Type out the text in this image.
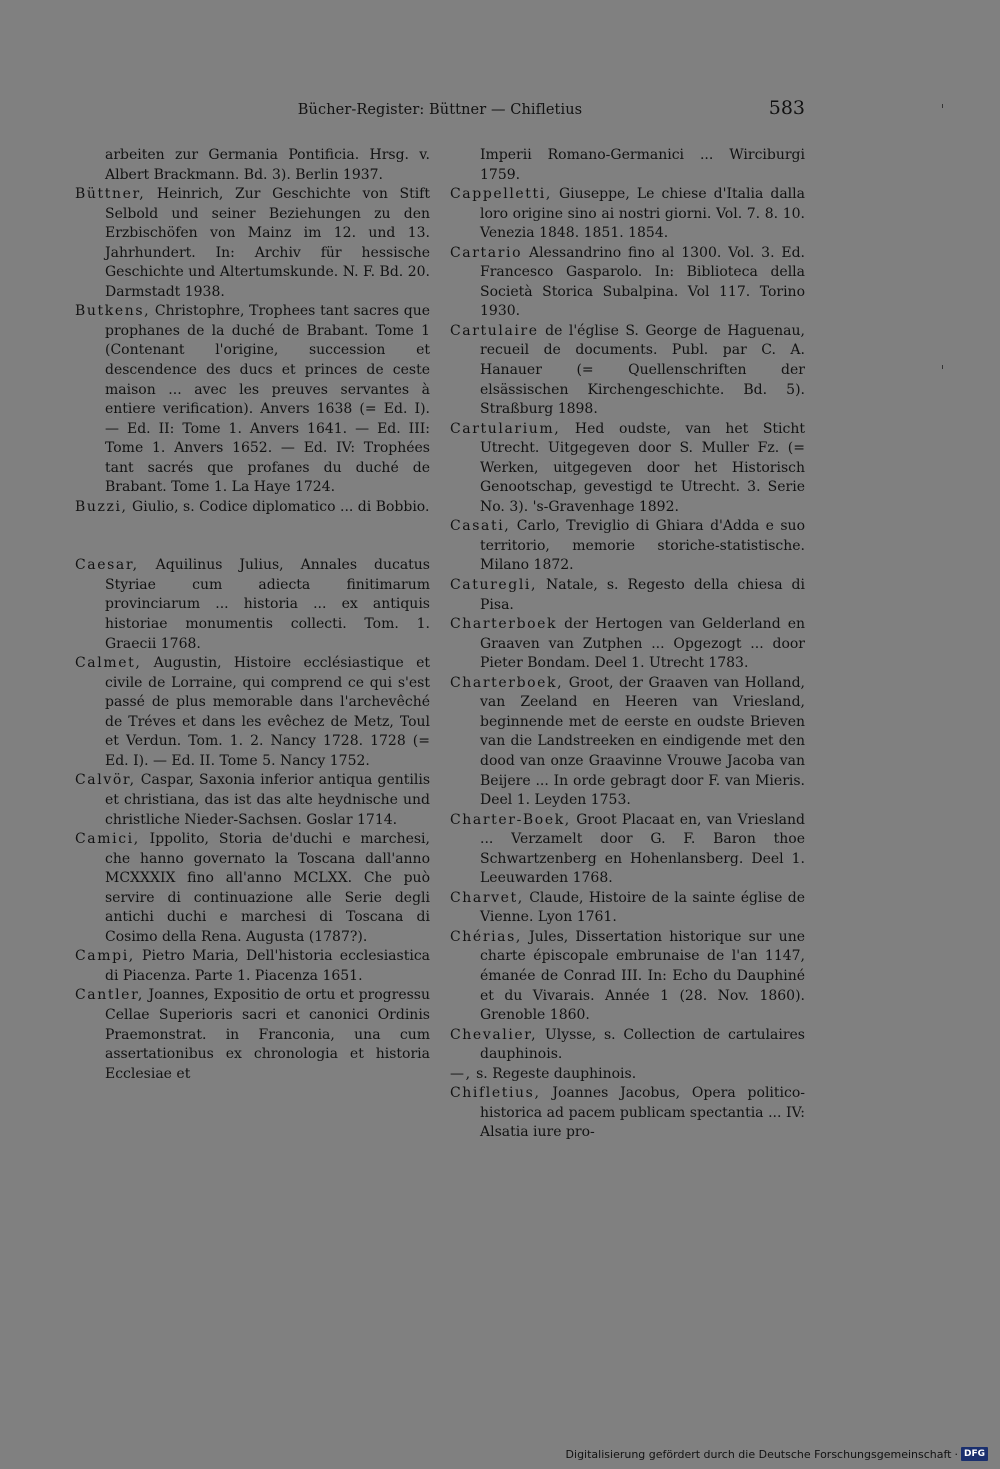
Bücher-Register: Büttner — Chifletius	583

arbeiten zur Germania Pontificia. Hrsg. v. Albert Brackmann. Bd. 3). Berlin 1937.

Büttner, Heinrich, Zur Geschichte von Stift Selbold und seiner Beziehungen zu den Erzbischöfen von Mainz im 12. und 13. Jahrhundert. In: Archiv für hessische Geschichte und Altertumskunde. N. F. Bd. 20. Darmstadt 1938.

Butkens, Christophre, Trophees tant sacres que prophanes de la duché de Brabant. Tome 1 (Contenant l'origine, succession et descendence des ducs et princes de ceste maison ... avec les preuves servantes à entiere verification). Anvers 1638 (= Ed. I). — Ed. II: Tome 1. Anvers 1641. — Ed. III: Tome 1. Anvers 1652. — Ed. IV: Trophées tant sacrés que profanes du duché de Brabant. Tome 1. La Haye 1724.

Buzzi, Giulio, s. Codice diplomatico ... di Bobbio.

Caesar, Aquilinus Julius, Annales ducatus Styriae cum adiecta finitimarum provinciarum ... historia ... ex antiquis historiae monumentis collecti. Tom. 1. Graecii 1768.

Calmet, Augustin, Histoire ecclésiastique et civile de Lorraine, qui comprend ce qui s'est passé de plus memorable dans l'archevêché de Tréves et dans les evêchez de Metz, Toul et Verdun. Tom. 1. 2. Nancy 1728. 1728 (= Ed. I). — Ed. II. Tome 5. Nancy 1752.

Calvör, Caspar, Saxonia inferior antiqua gentilis et christiana, das ist das alte heydnische und christliche Nieder-Sachsen. Goslar 1714.

Camici, Ippolito, Storia de'duchi e marchesi, che hanno governato la Toscana dall'anno MCXXXIX fino all'anno MCLXX. Che può servire di continuazione alle Serie degli antichi duchi e marchesi di Toscana di Cosimo della Rena. Augusta (1787?).

Campi, Pietro Maria, Dell'historia ecclesiastica di Piacenza. Parte 1. Piacenza 1651.

Cantler, Joannes, Expositio de ortu et progressu Cellae Superioris sacri et canonici Ordinis Praemonstrat. in Franconia, una cum assertationibus ex chronologia et historia Ecclesiae et

Imperii Romano-Germanici ... Wirciburgi 1759.

Cappelletti, Giuseppe, Le chiese d'Italia dalla loro origine sino ai nostri giorni. Vol. 7. 8. 10. Venezia 1848. 1851. 1854.

Cartario Alessandrino fino al 1300. Vol. 3. Ed. Francesco Gasparolo. In: Biblioteca della Società Storica Subalpina. Vol 117. Torino 1930.

Cartulaire de l'église S. George de Haguenau, recueil de documents. Publ. par C. A. Hanauer (= Quellenschriften der elsässischen Kirchengeschichte. Bd. 5). Straßburg 1898.

Cartularium, Hed oudste, van het Sticht Utrecht. Uitgegeven door S. Muller Fz. (= Werken, uitgegeven door het Historisch Genootschap, gevestigd te Utrecht. 3. Serie No. 3). 's-Gravenhage 1892.

Casati, Carlo, Treviglio di Ghiara d'Adda e suo territorio, memorie storiche-statistische. Milano 1872.

Caturegli, Natale, s. Regesto della chiesa di Pisa.

Charterboek der Hertogen van Gelderland en Graaven van Zutphen ... Opgezogt ... door Pieter Bondam. Deel 1. Utrecht 1783.

Charterboek, Groot, der Graaven van Holland, van Zeeland en Heeren van Vriesland, beginnende met de eerste en oudste Brieven van die Landstreeken en eindigende met den dood van onze Graavinne Vrouwe Jacoba van Beijere ... In orde gebragt door F. van Mieris. Deel 1. Leyden 1753.

Charter-Boek, Groot Placaat en, van Vriesland ... Verzamelt door G. F. Baron thoe Schwartzenberg en Hohenlansberg. Deel 1. Leeuwarden 1768.

Charvet, Claude, Histoire de la sainte église de Vienne. Lyon 1761.

Chérias, Jules, Dissertation historique sur une charte épiscopale embrunaise de l'an 1147, émanée de Conrad III. In: Echo du Dauphiné et du Vivarais. Année 1 (28. Nov. 1860). Grenoble 1860.

Chevalier, Ulysse, s. Collection de cartulaires dauphinois.

—, s. Regeste dauphinois.

Chifletius, Joannes Jacobus, Opera politico-historica ad pacem publicam spectantia ... IV: Alsatia iure pro-

Digitalisierung gefördert durch die Deutsche Forschungsgemeinschaft · DFG
